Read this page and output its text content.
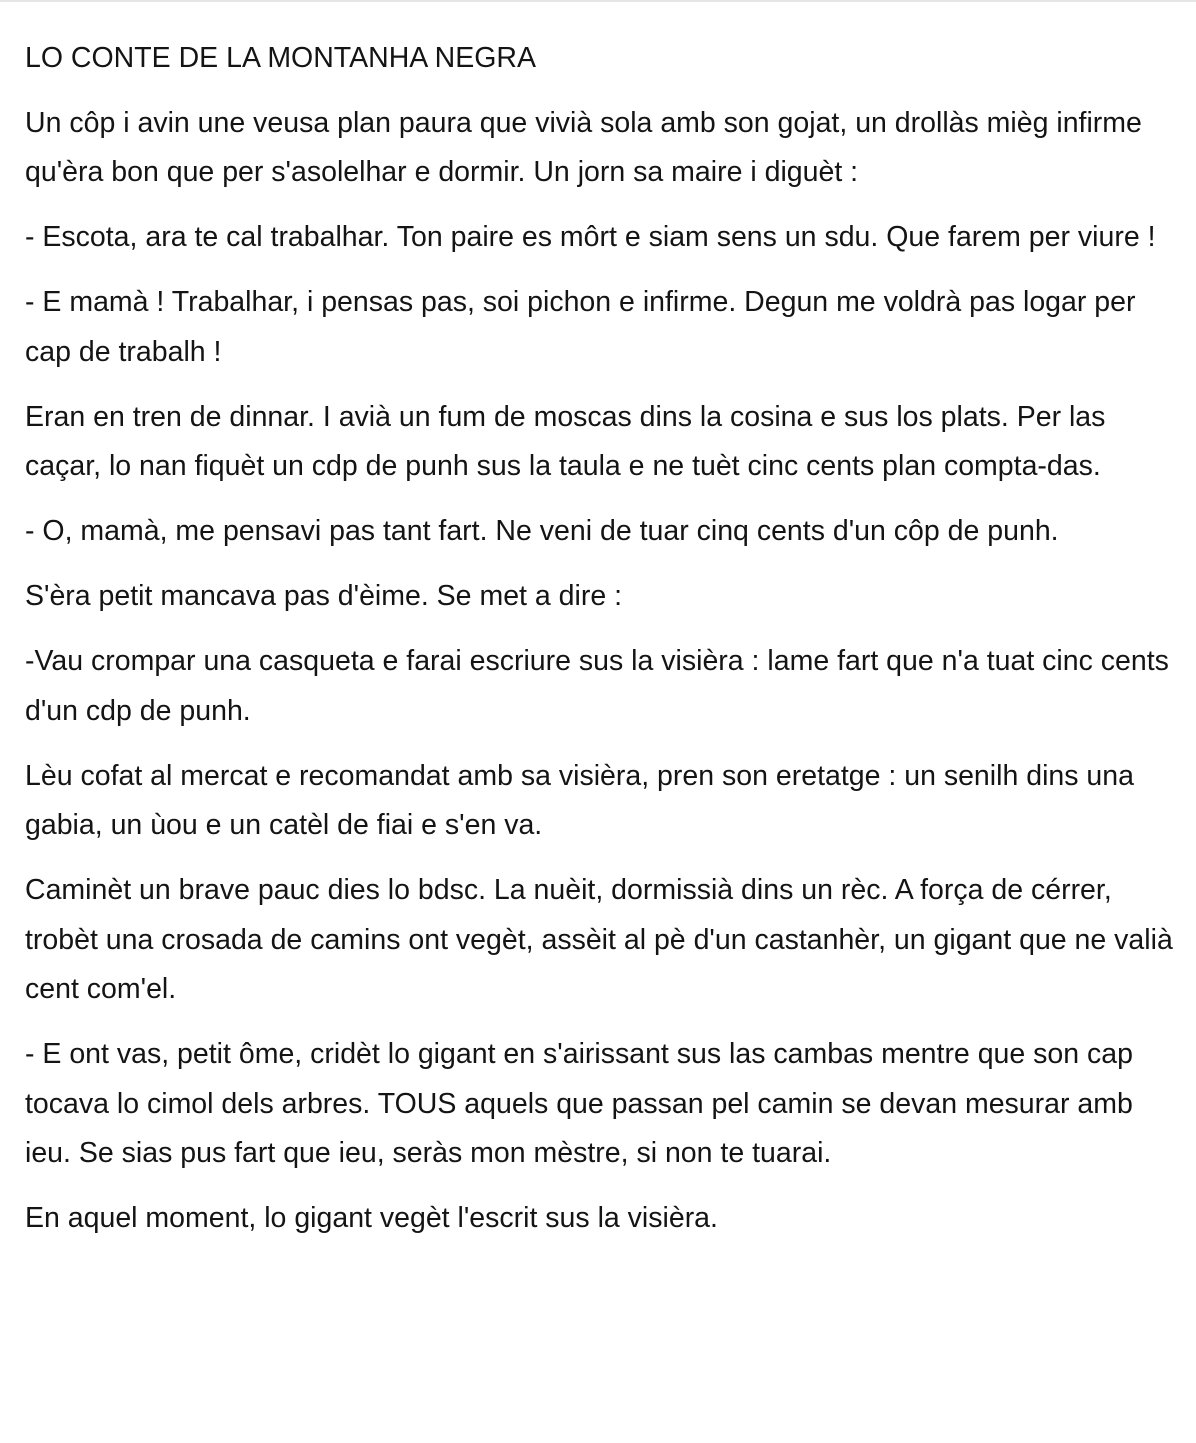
LO CONTE DE LA MONTANHA NEGRA

Un côp i avin une veusa plan paura que vivià sola amb son gojat, un drollàs mièg infirme qu'èra bon que per s'asolelhar e dormir. Un jorn sa maire i diguèt :

- Escota, ara te cal trabalhar. Ton paire es môrt e siam sens un sdu. Que farem per viure !

- E mamà ! Trabalhar, i pensas pas, soi pichon e infirme. Degun me voldrà pas logar per cap de trabalh !

Eran en tren de dinnar. I avià un fum de moscas dins la cosina e sus los plats. Per las caçar, lo nan fiquèt un cdp de punh sus la taula e ne tuèt cinc cents plan compta-das.

- O, mamà, me pensavi pas tant fart. Ne veni de tuar cinq cents d'un côp de punh.

S'èra petit mancava pas d'èime. Se met a dire :

-Vau crompar una casqueta e farai escriure sus la visièra : lame fart que n'a tuat cinc cents d'un cdp de punh.

Lèu cofat al mercat e recomandat amb sa visièra, pren son eretatge : un senilh dins una gabia, un ùou e un catèl de fiai e s'en va.

Caminèt un brave pauc dies lo bdsc. La nuèit, dormissià dins un rèc. A força de cérrer, trobèt una crosada de camins ont vegèt, assèit al pè d'un castanhèr, un gigant que ne valià cent com'el.

- E ont vas, petit ôme, cridèt lo gigant en s'airissant sus las cambas mentre que son cap tocava lo cimol dels arbres. TOUS aquels que passan pel camin se devan mesurar amb ieu. Se sias pus fart que ieu, seràs mon mèstre, si non te tuarai.

En aquel moment, lo gigant vegèt l'escrit sus la visièra.
